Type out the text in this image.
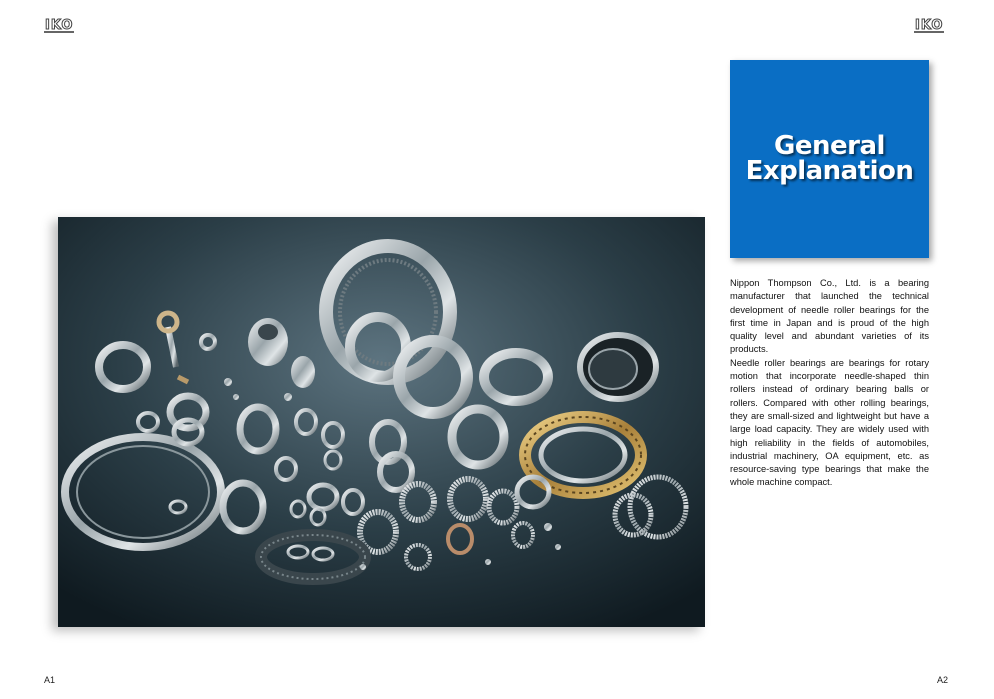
IKO	IKO
General
Explanation

Nippon Thompson Co., Ltd. is a bearing manufacturer that launched the technical development of needle roller bearings for the first time in Japan and is proud of the high quality level and abundant varieties of its products.

Needle roller bearings are bearings for rotary motion that incorporate needle-shaped thin rollers instead of ordinary bearing balls or rollers. Compared with other rolling bearings, they are small-sized and lightweight but have a large load capacity. They are widely used with high reliability in the fields of automobiles, industrial machinery, OA equipment, etc. as resource-saving type bearings that make the whole machine compact.

A1	A2
